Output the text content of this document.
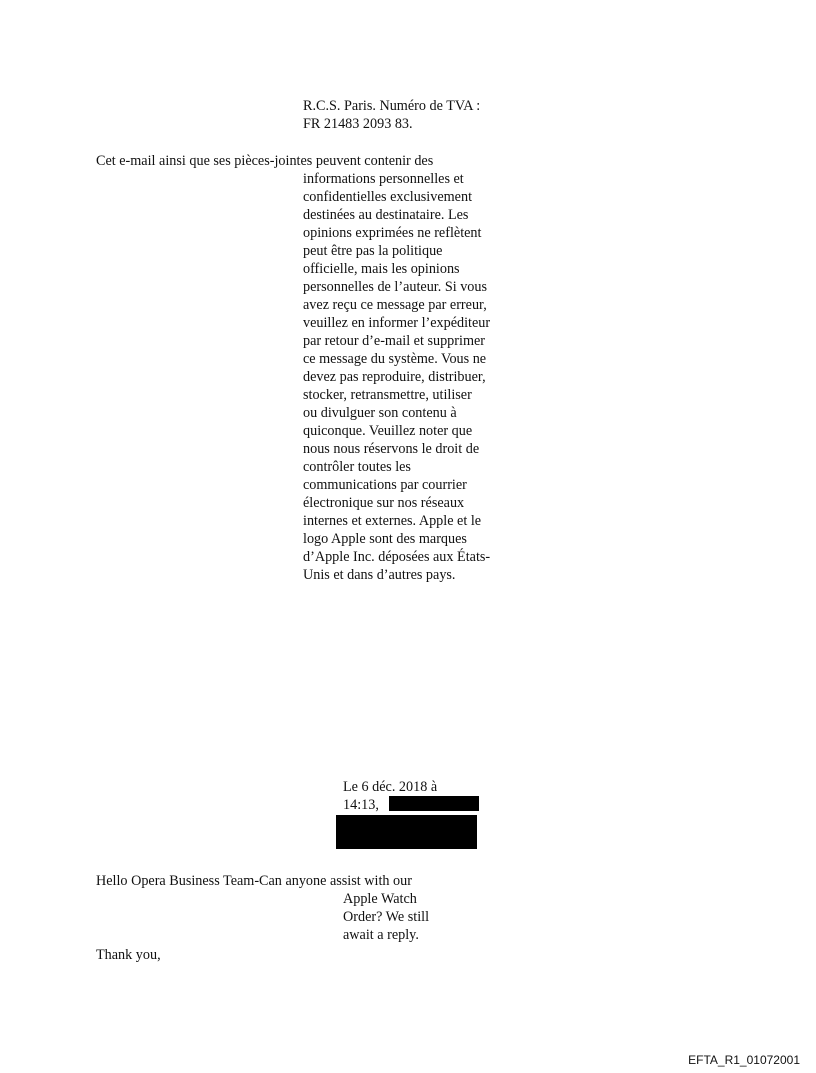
R.C.S. Paris. Numéro de TVA :
FR 21483 2093 83.
Cet e-mail ainsi que ses pièces-jointes peuvent contenir des
informations personnelles et
confidentielles exclusivement
destinées au destinataire. Les
opinions exprimées ne reflètent
peut être pas la politique
officielle, mais les opinions
personnelles de l’auteur. Si vous
avez reçu ce message par erreur,
veuillez en informer l’expéditeur
par retour d’e-mail et supprimer
ce message du système. Vous ne
devez pas reproduire, distribuer,
stocker, retransmettre, utiliser
ou divulguer son contenu à
quiconque. Veuillez noter que
nous nous réservons le droit de
contrôler toutes les
communications par courrier
électronique sur nos réseaux
internes et externes. Apple et le
logo Apple sont des marques
d’Apple Inc. déposées aux États-
Unis et dans d’autres pays.
Le 6 déc. 2018 à
14:13,
Hello Opera Business Team-Can anyone assist with our
Apple Watch
Order? We still
await a reply.
Thank you,
EFTA_R1_01072001
